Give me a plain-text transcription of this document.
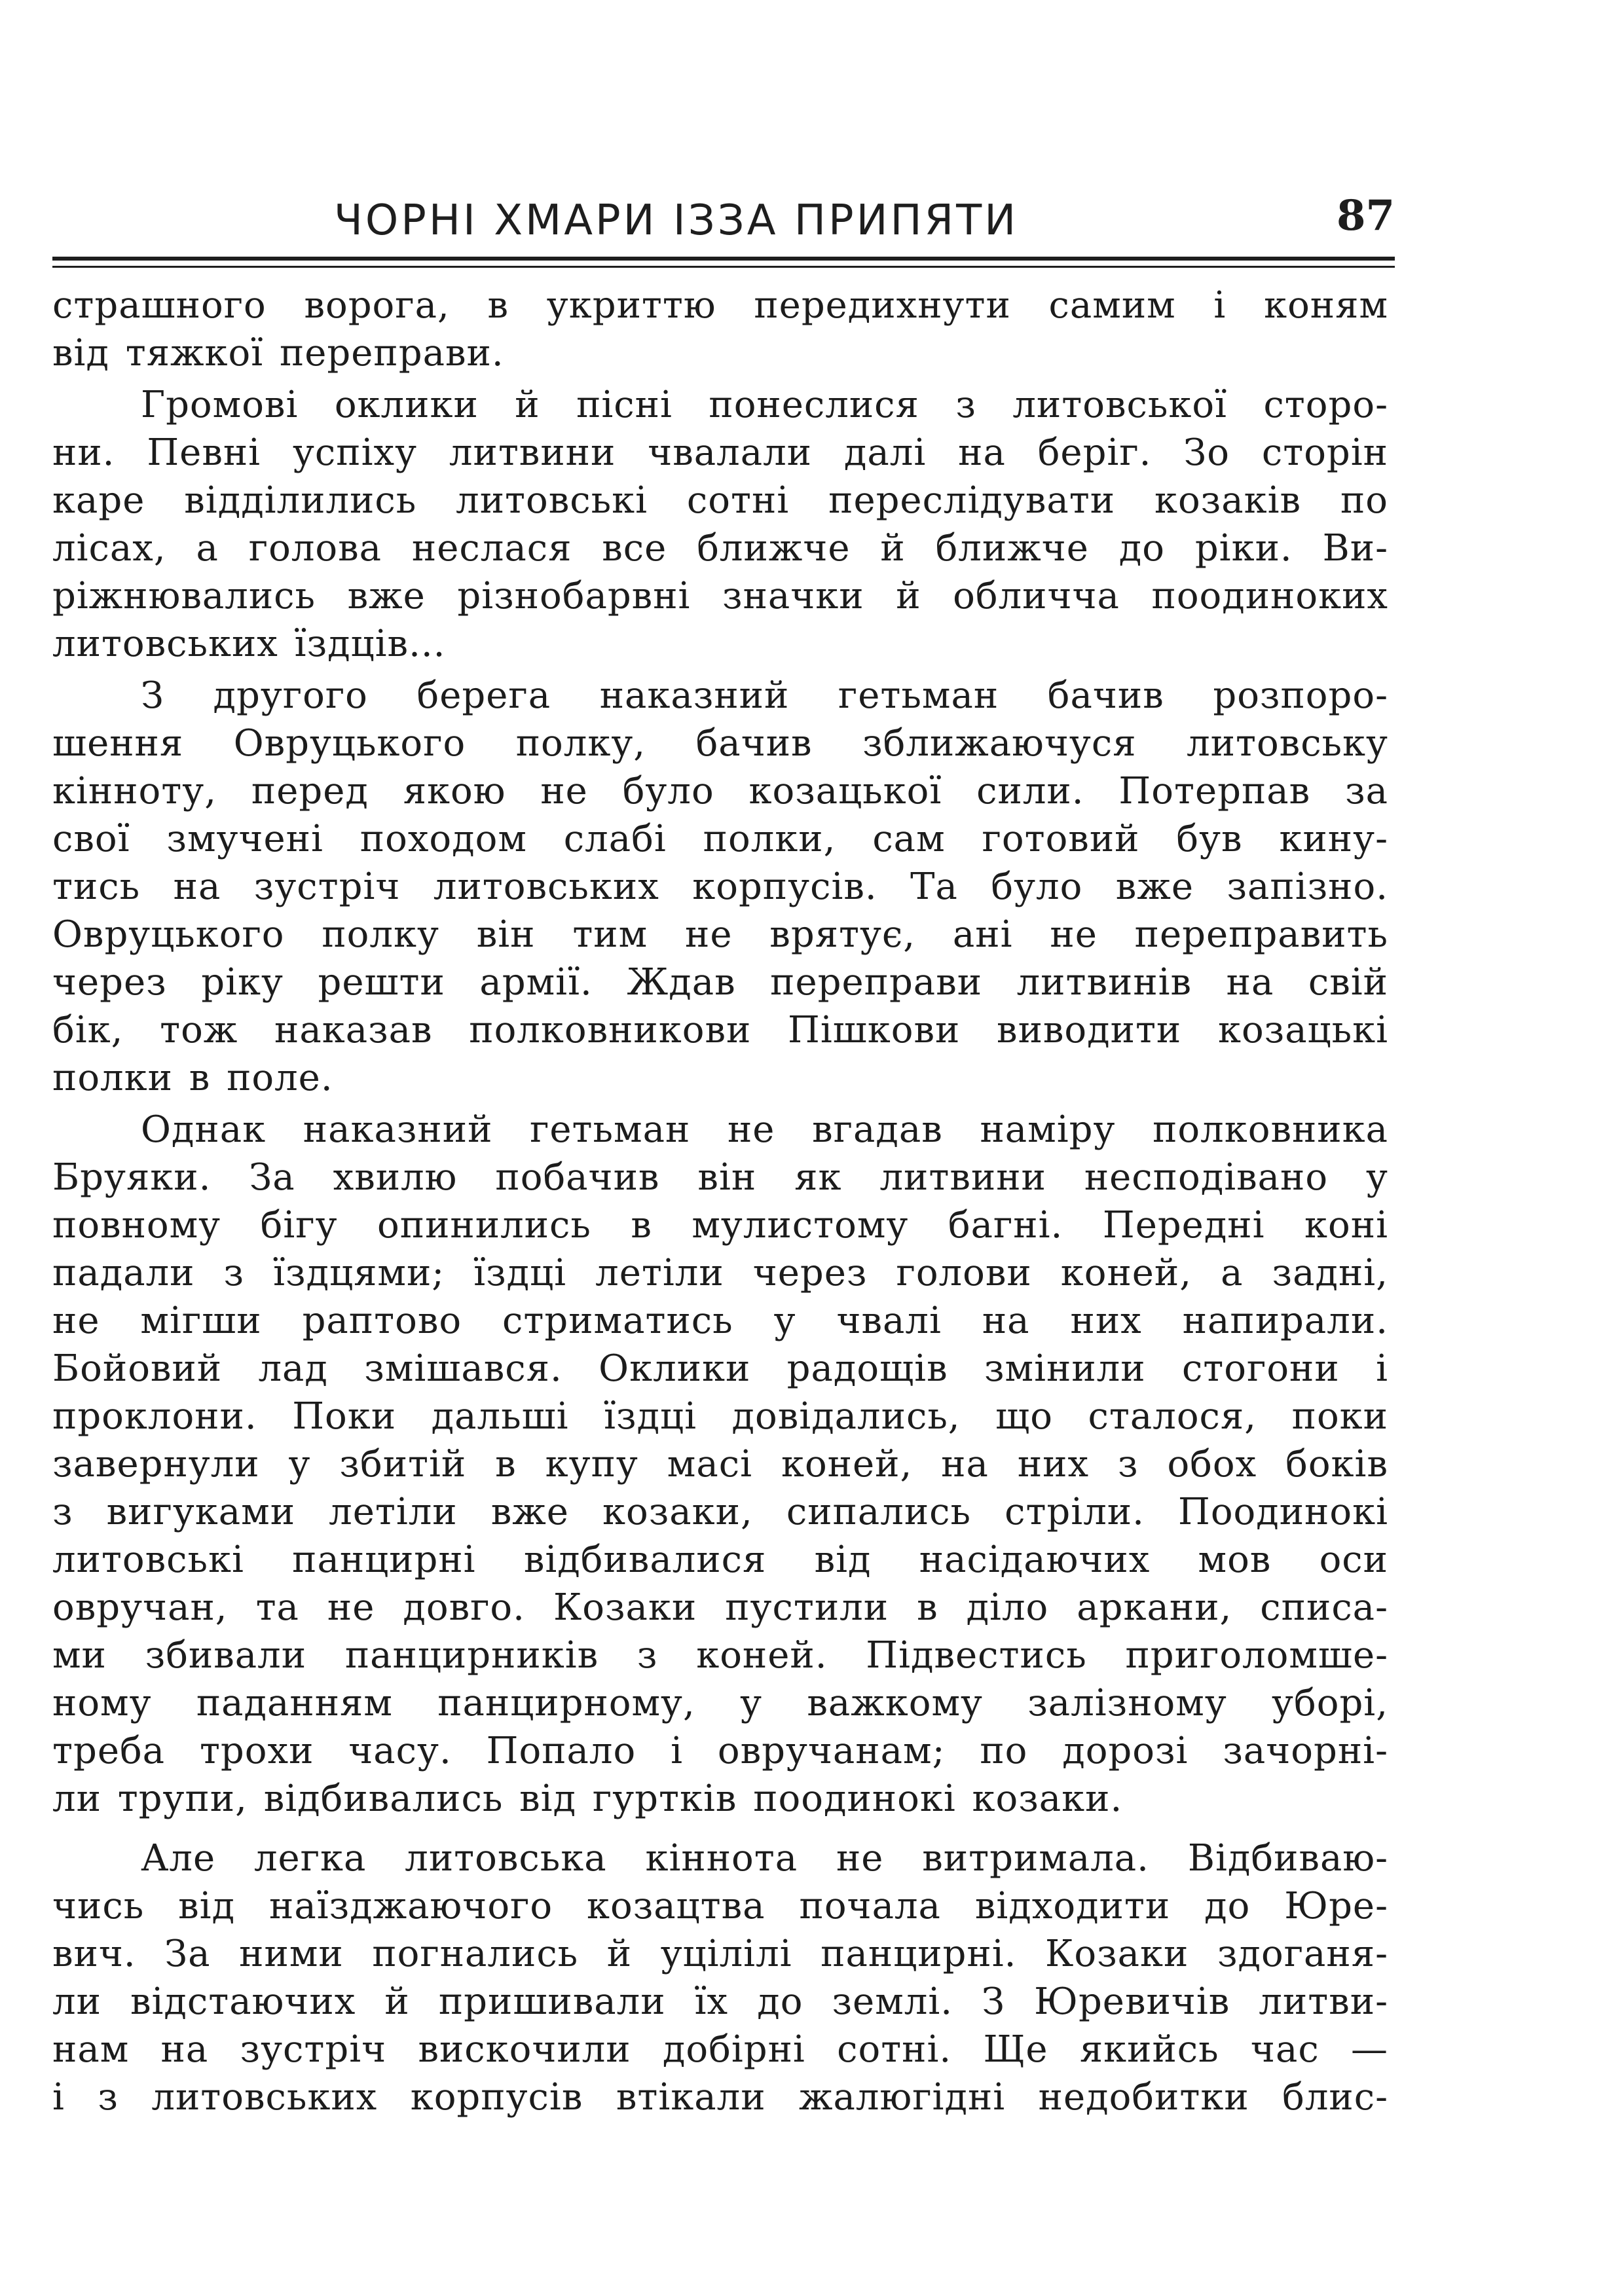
ЧОРНІ ХМАРИ ІЗЗА ПРИПЯТИ	87
страшного ворога, в укриттю передихнути самим і коням
від тяжкої переправи.
Громові оклики й пісні понеслися з литовської сторо-
ни. Певні успіху литвини чвалали далі на беріг. Зо сторін
каре відділились литовські сотні переслідувати козаків по
лісах, а голова неслася все ближче й ближче до ріки. Ви-
ріжнювались вже різнобарвні значки й обличча поодиноких
литовських їздців...
З другого берега наказний гетьман бачив розпоро-
шення Овруцького полку, бачив зближаючуся литовську
кінноту, перед якою не було козацької сили. Потерпав за
свої змучені походом слабі полки, сам готовий був кину-
тись на зустріч литовських корпусів. Та було вже запізно.
Овруцького полку він тим не врятує, ані не переправить
через ріку решти армії. Ждав переправи литвинів на свій
бік, тож наказав полковникови Пішкови виводити козацькі
полки в поле.
Однак наказний гетьман не вгадав наміру полковника
Бруяки. За хвилю побачив він як литвини несподівано у
повному бігу опинились в мулистому багні. Передні коні
падали з їздцями; їздці летіли через голови коней, а задні,
не мігши раптово стриматись у чвалі на них напирали.
Бойовий лад змішався. Оклики радощів змінили стогони і
проклони. Поки дальші їздці довідались, що сталося, поки
завернули у збитій в купу масі коней, на них з обох боків
з вигуками летіли вже козаки, сипались стріли. Поодинокі
литовські панцирні відбивалися від насідаючих мов оси
овручан, та не довго. Козаки пустили в діло аркани, списа-
ми збивали панцирників з коней. Підвестись приголомше-
ному паданням панцирному, у важкому залізному уборі,
треба трохи часу. Попало і овручанам; по дорозі зачорні-
ли трупи, відбивались від гуртків поодинокі козаки.
Але легка литовська кіннота не витримала. Відбиваю-
чись від наїзджаючого козацтва почала відходити до Юре-
вич. За ними погнались й уцілілі панцирні. Козаки здоганя-
ли відстаючих й пришивали їх до землі. З Юревичів литви-
нам на зустріч вискочили добірні сотні. Ще якийсь час —
і з литовських корпусів втікали жалюгідні недобитки блис-
